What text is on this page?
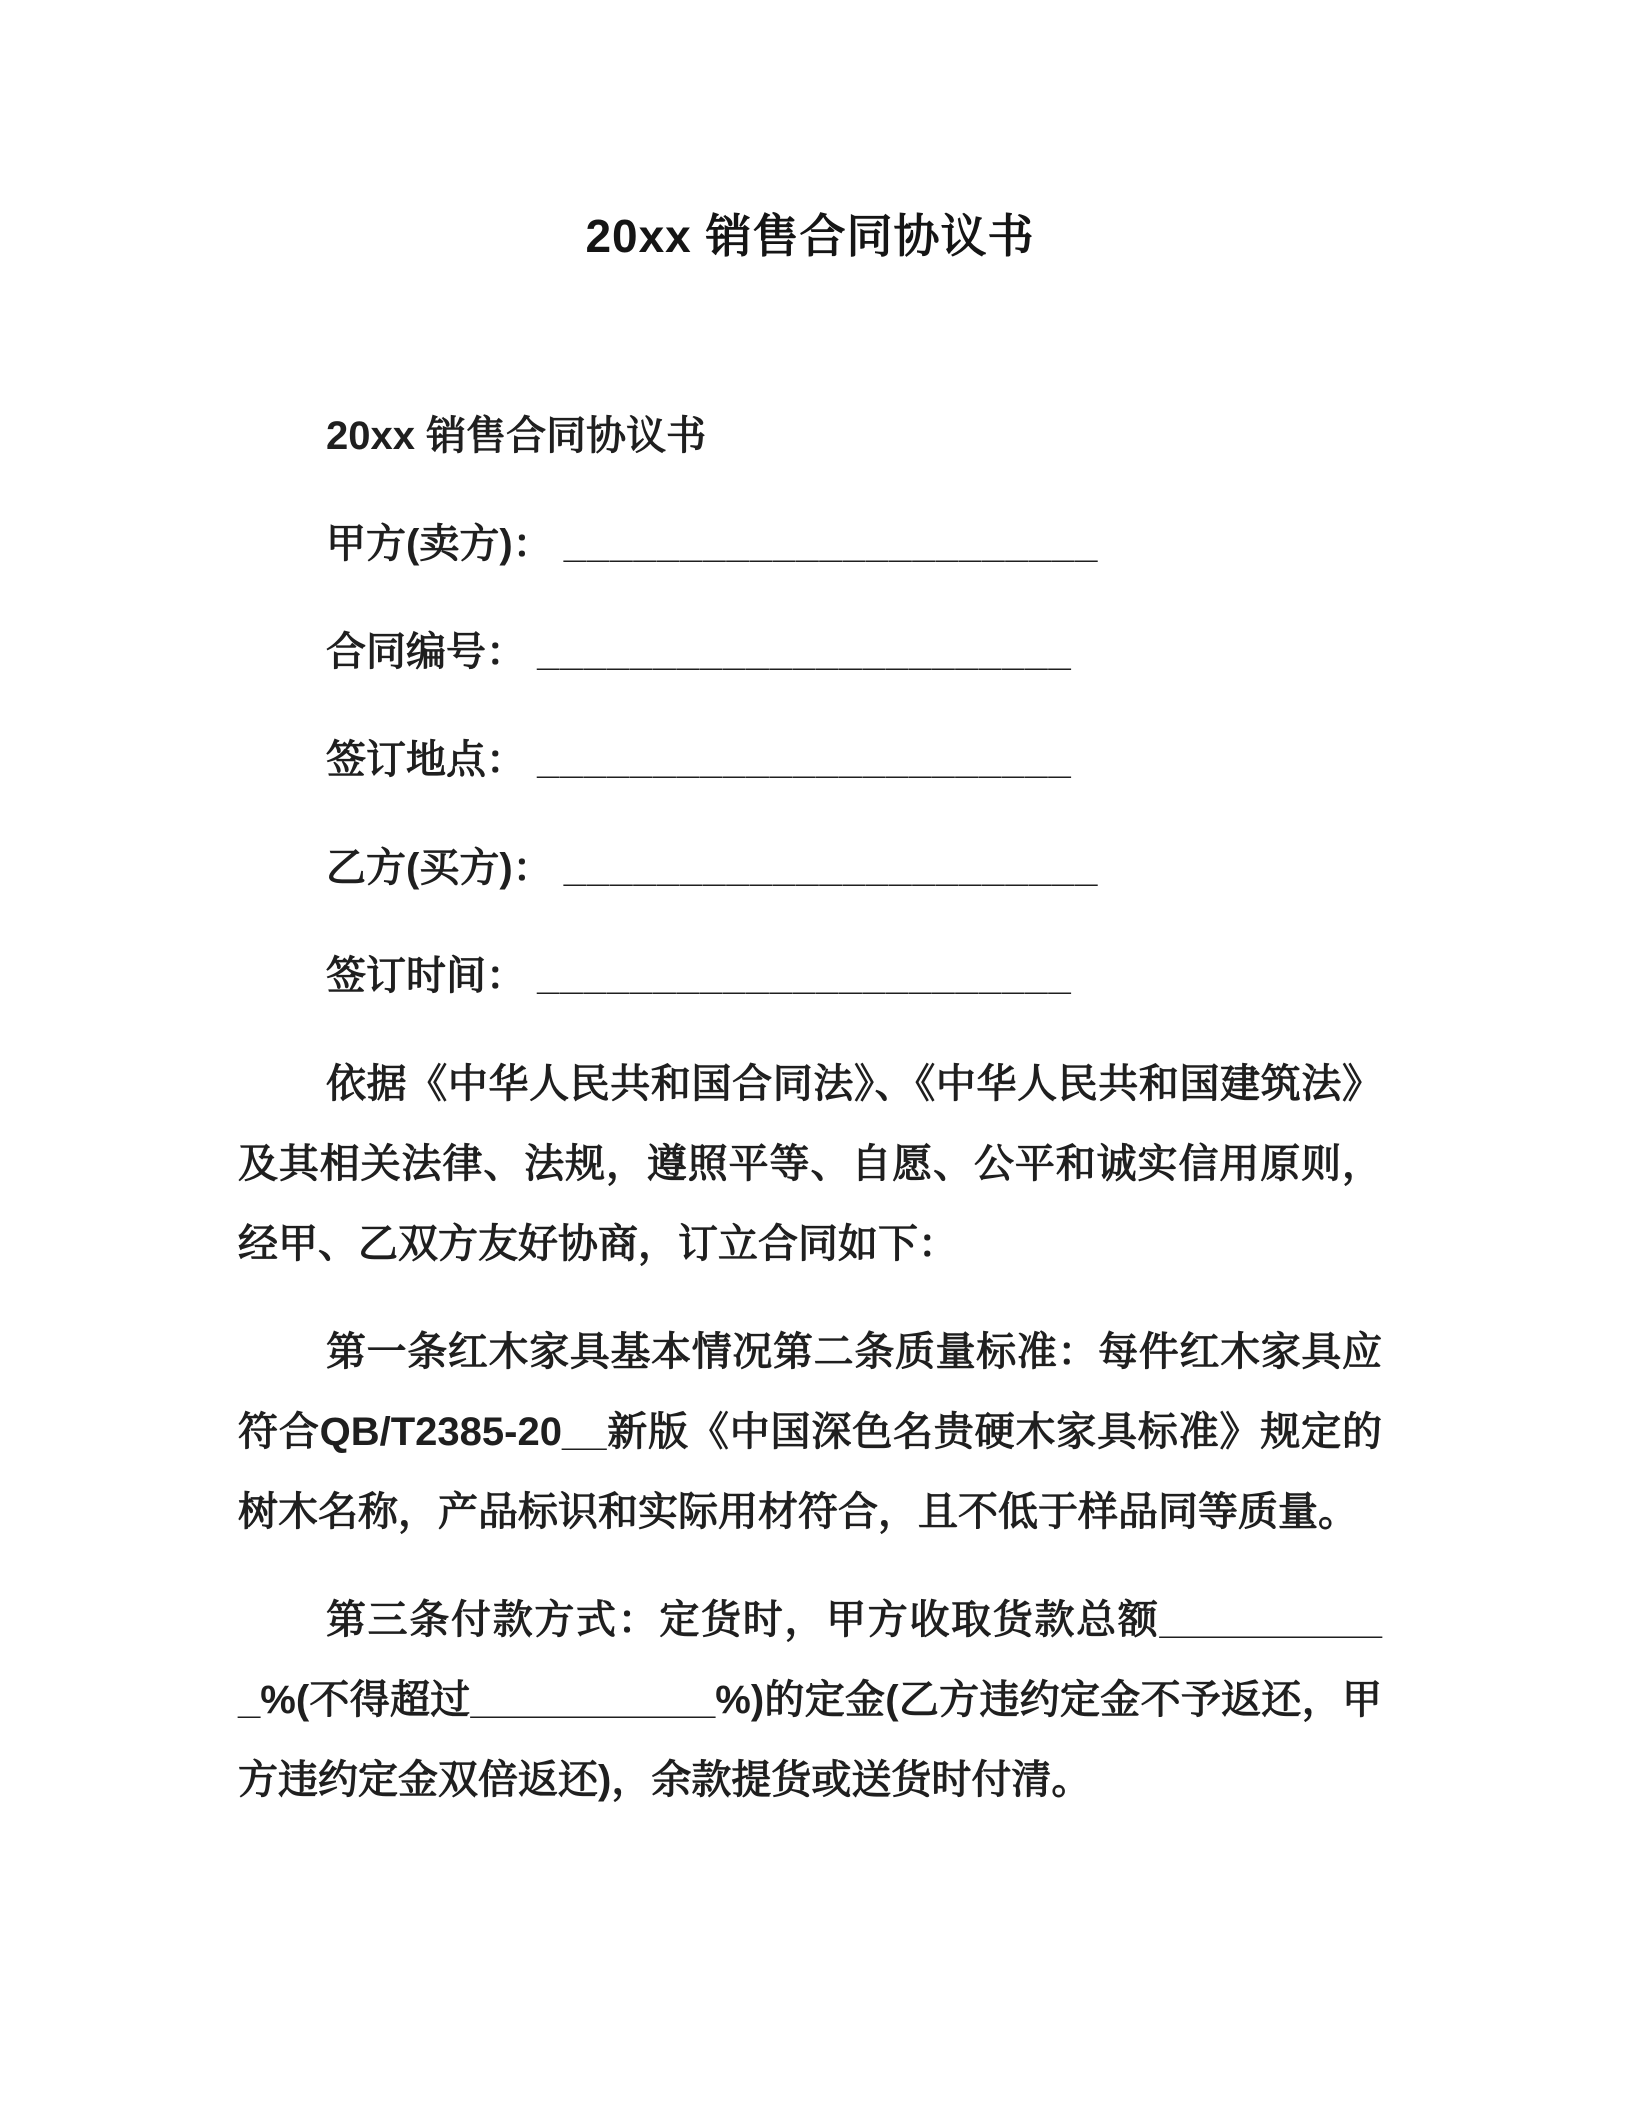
20xx 销售合同协议书

20xx 销售合同协议书

甲方(卖方)： _______________________

合同编号： _______________________

签订地点： _______________________

乙方(买方)： _______________________

签订时间： _______________________

依据《中华人民共和国合同法》、《中华人民共和国建筑法》及其相关法律、法规，遵照平等、自愿、公平和诚实信用原则，经甲、乙双方友好协商，订立合同如下：

第一条红木家具基本情况第二条质量标准：每件红木家具应符合QB/T2385-20__新版《中国深色名贵硬木家具标准》规定的树木名称，产品标识和实际用材符合，且不低于样品同等质量。

第三条付款方式：定货时，甲方收取货款总额___________%(不得超过___________%)的定金(乙方违约定金不予返还，甲方违约定金双倍返还)，余款提货或送货时付清。
